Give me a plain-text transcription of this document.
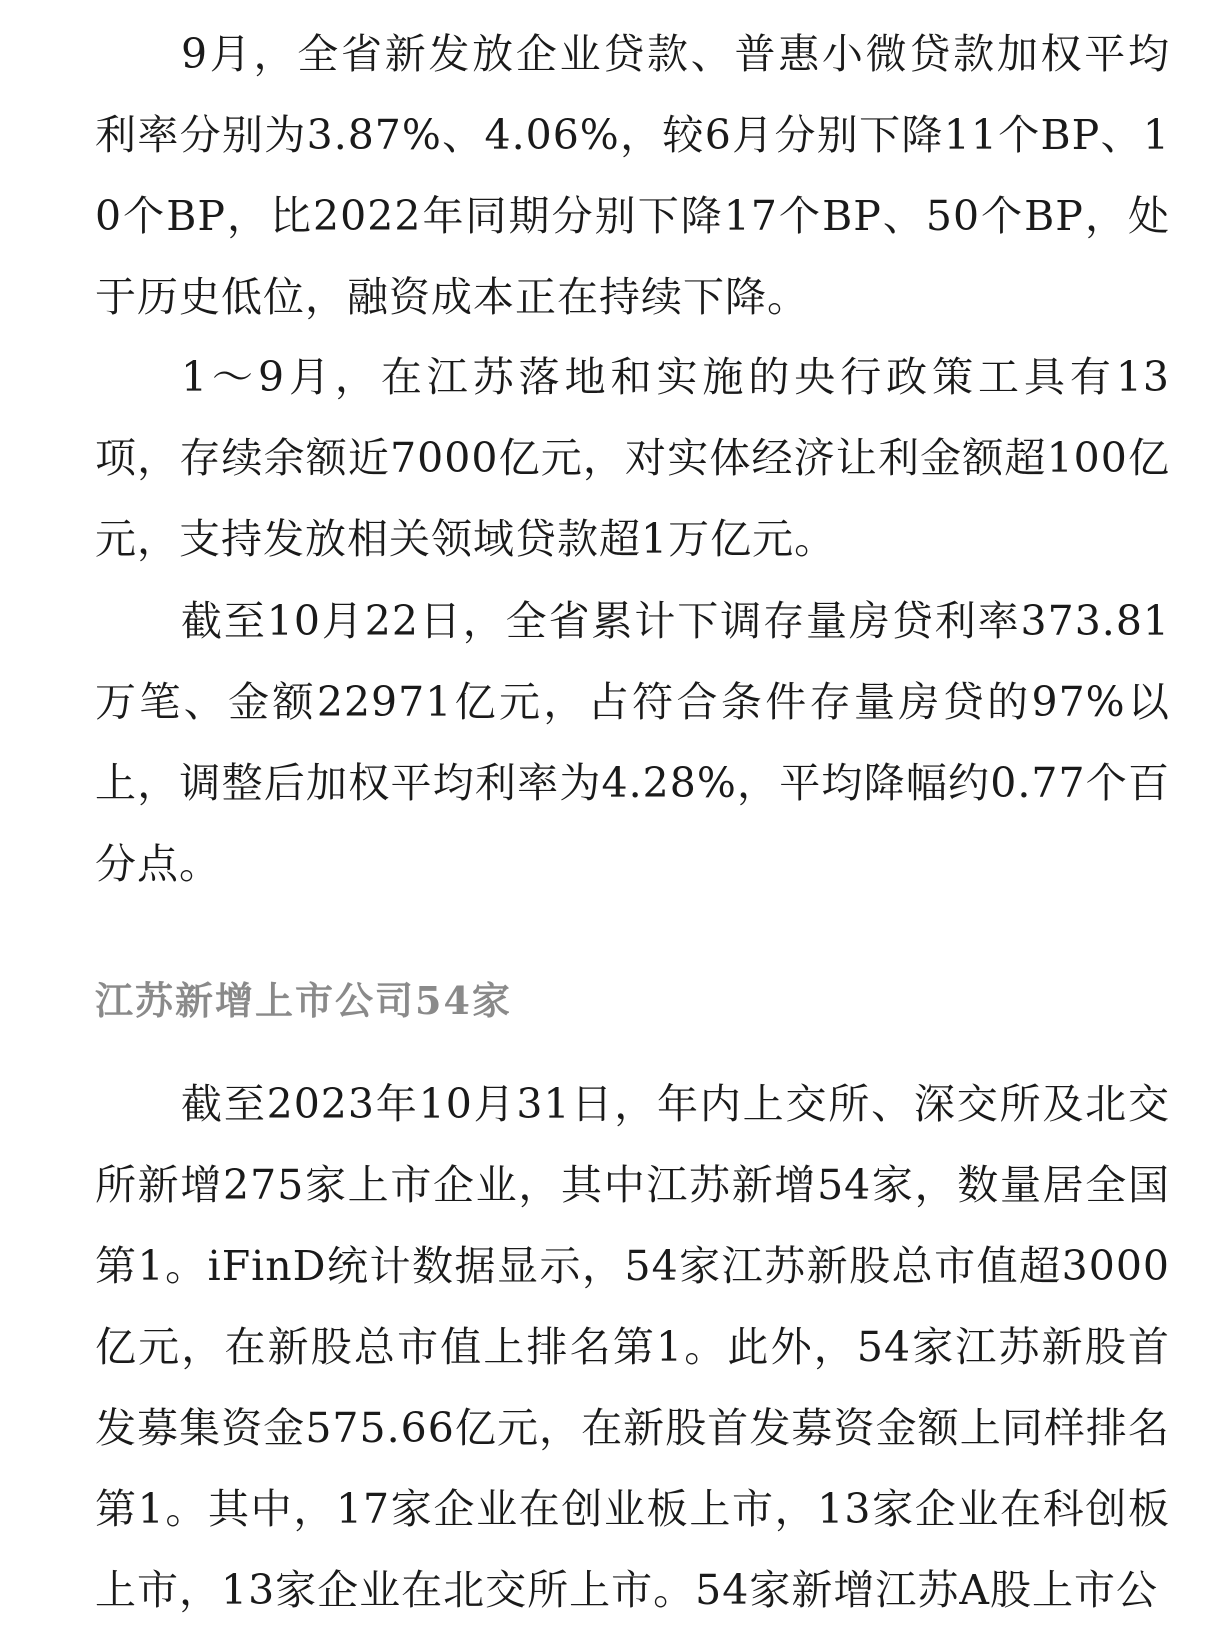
9月，全省新发放企业贷款、普惠小微贷款加权平均利率分别为3.87%、4.06%，较6月分别下降11个BP、10个BP，比2022年同期分别下降17个BP、50个BP，处于历史低位，融资成本正在持续下降。

1～9月，在江苏落地和实施的央行政策工具有13项，存续余额近7000亿元，对实体经济让利金额超100亿元，支持发放相关领域贷款超1万亿元。

截至10月22日，全省累计下调存量房贷利率373.81万笔、金额22971亿元，占符合条件存量房贷的97%以上，调整后加权平均利率为4.28%，平均降幅约0.77个百分点。

江苏新增上市公司54家

截至2023年10月31日，年内上交所、深交所及北交所新增275家上市企业，其中江苏新增54家，数量居全国第1。iFinD统计数据显示，54家江苏新股总市值超3000亿元，在新股总市值上排名第1。此外，54家江苏新股首发募集资金575.66亿元，在新股首发募资金额上同样排名第1。其中，17家企业在创业板上市，13家企业在科创板上市，13家企业在北交所上市。54家新增江苏A股上市公
